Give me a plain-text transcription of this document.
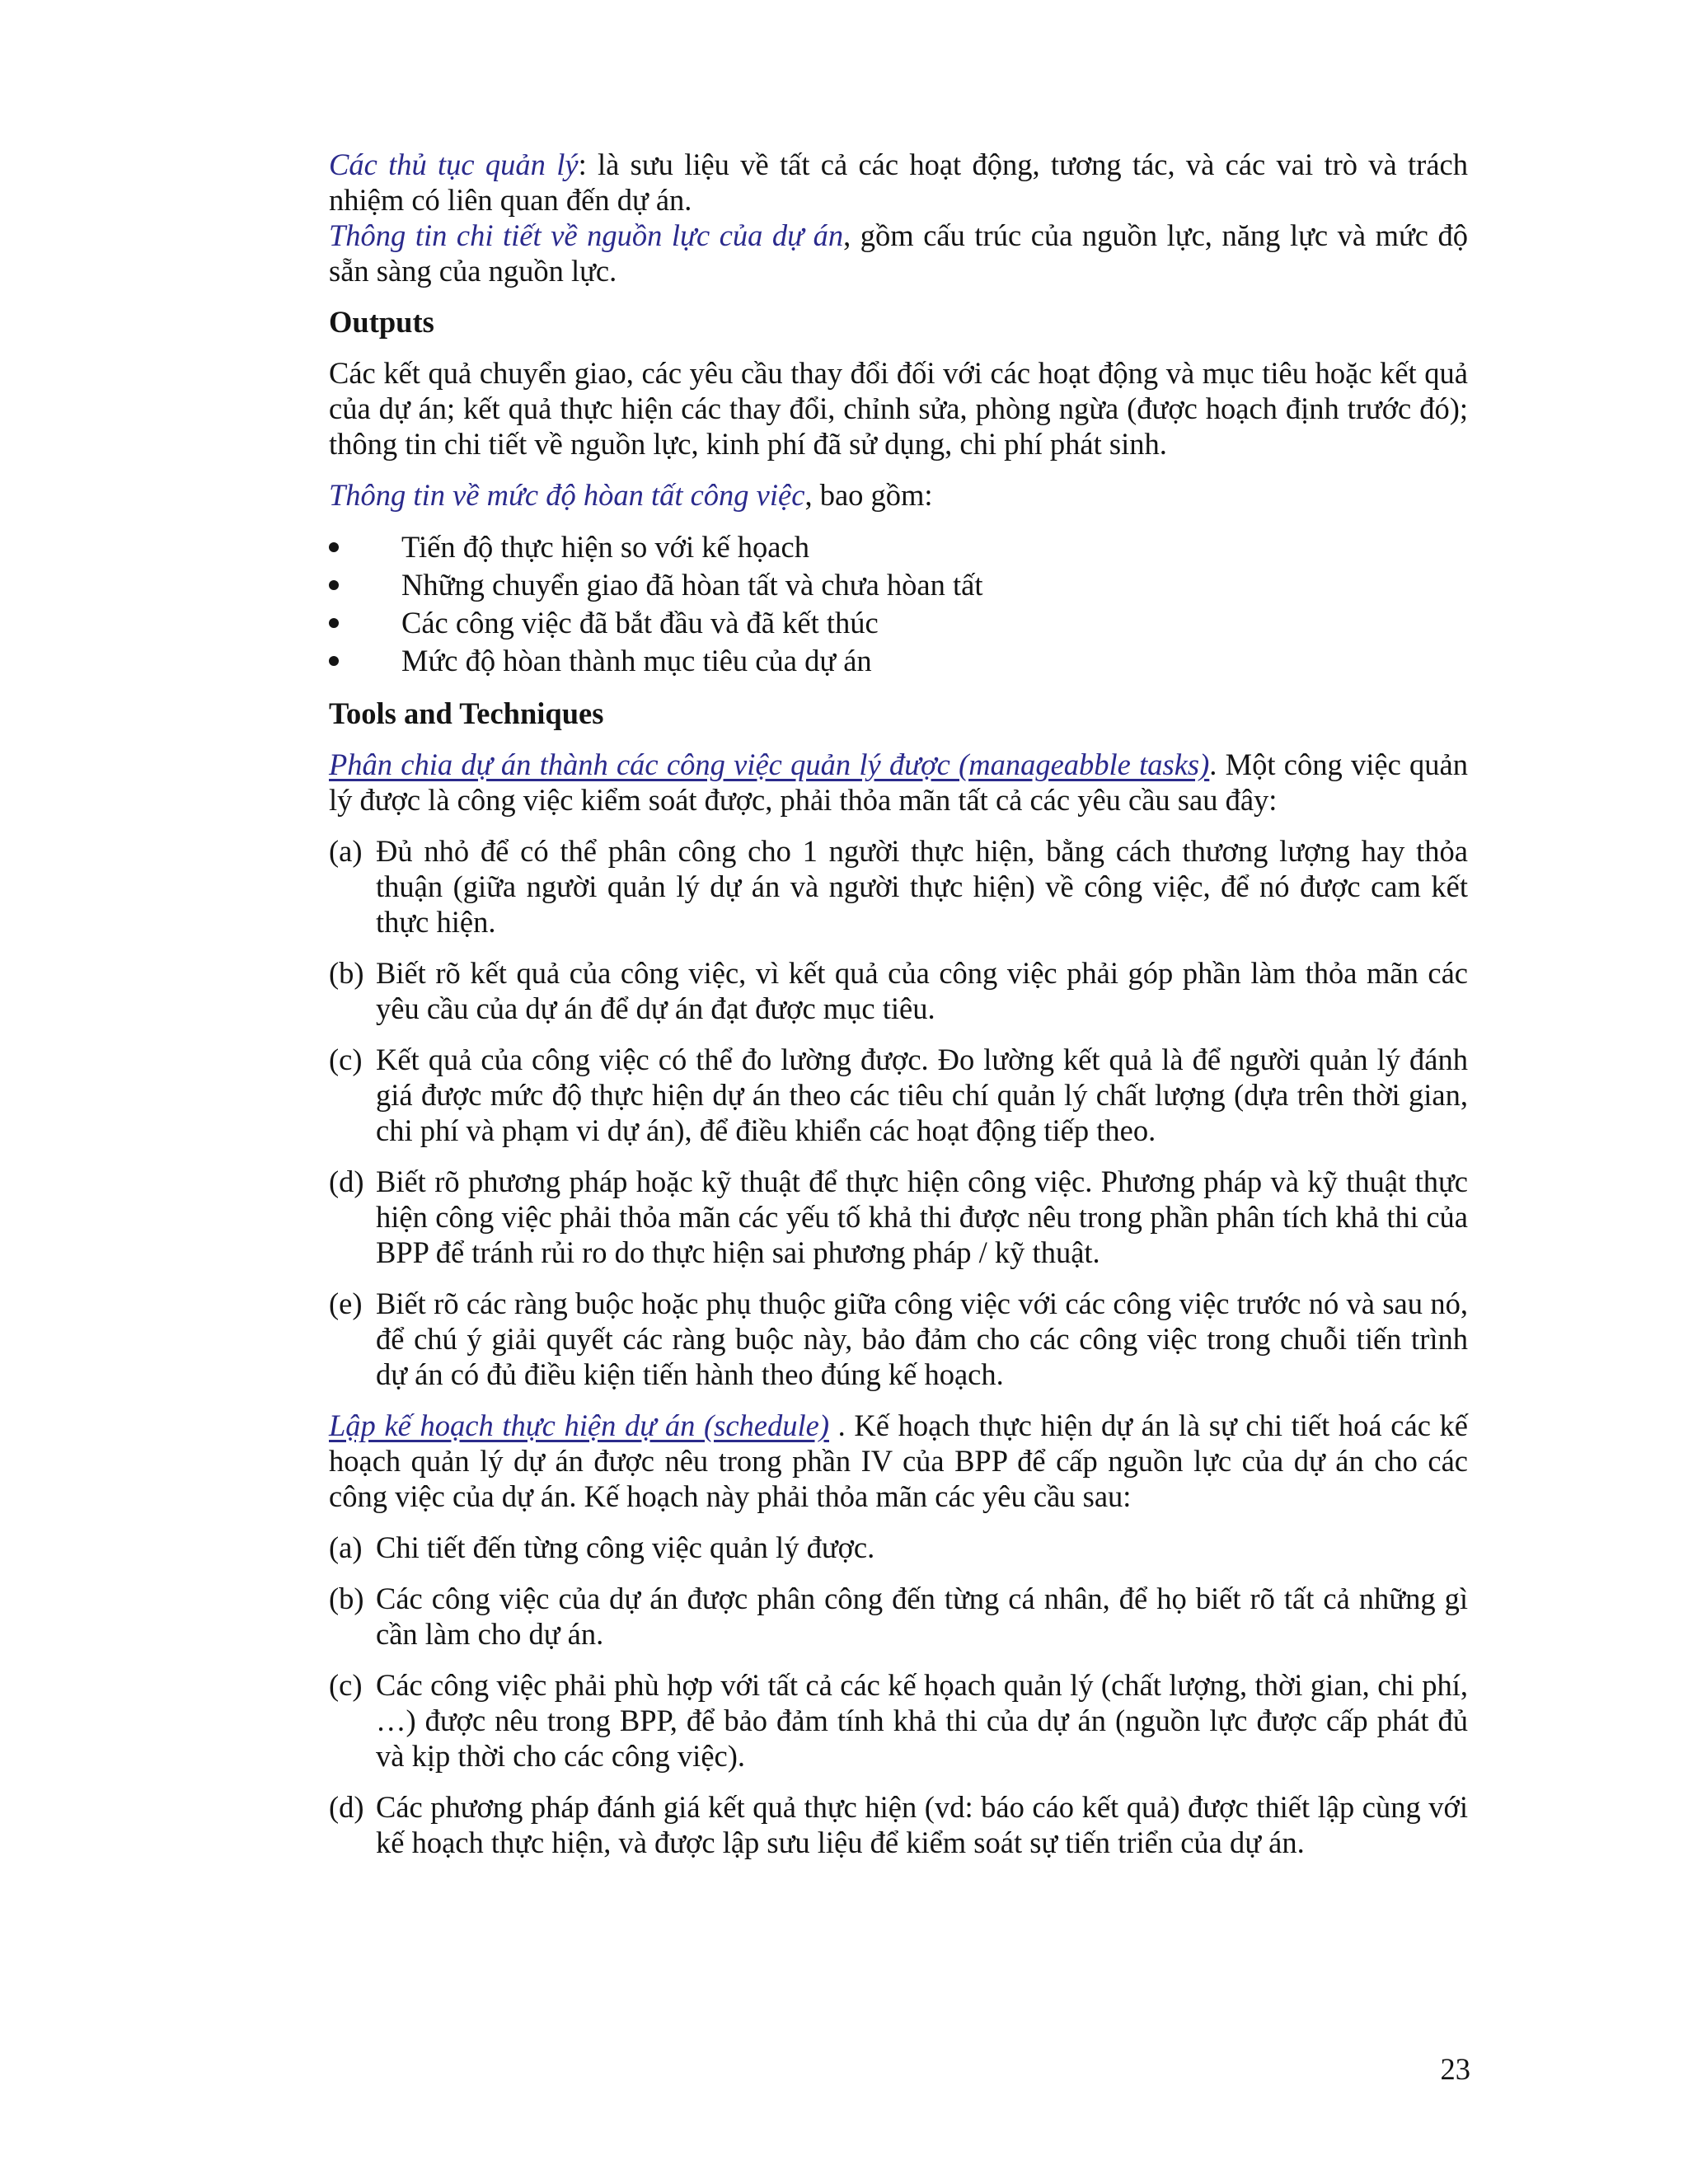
Các thủ tục quản lý: là sưu liệu về tất cả các hoạt động, tương tác, và các vai trò và trách nhiệm có liên quan đến dự án.

Thông tin chi tiết về nguồn lực của dự án, gồm cấu trúc của nguồn lực, năng lực và mức độ sẵn sàng của nguồn lực.

Outputs

Các kết quả chuyển giao, các yêu cầu thay đổi đối với các hoạt động và mục tiêu hoặc kết quả của dự án; kết quả thực hiện các thay đổi, chỉnh sửa, phòng ngừa (được hoạch định trước đó); thông tin chi tiết về nguồn lực, kinh phí đã sử dụng, chi phí phát sinh.

Thông tin về mức độ hòan tất công việc, bao gồm:

Tiến độ thực hiện so với kế họach
Những chuyển giao đã hòan tất và chưa hòan tất
Các công việc đã bắt đầu và đã kết thúc
Mức độ hòan thành mục tiêu của dự án

Tools and Techniques

Phân chia dự án thành các công việc quản lý được (manageabble tasks). Một công việc quản lý được là công việc kiểm soát được, phải thỏa mãn tất cả các yêu cầu sau đây:

(a) Đủ nhỏ để có thể phân công cho 1 người thực hiện, bằng cách thương lượng hay thỏa thuận (giữa người quản lý dự án và người thực hiện) về công việc, để nó được cam kết thực hiện.
(b) Biết rõ kết quả của công việc, vì kết quả của công việc phải góp phần làm thỏa mãn các yêu cầu của dự án để dự án đạt được mục tiêu.
(c) Kết quả của công việc có thể đo lường được. Đo lường kết quả là để người quản lý đánh giá được mức độ thực hiện dự án theo các tiêu chí quản lý chất lượng (dựa trên thời gian, chi phí và phạm vi dự án), để điều khiển các hoạt động tiếp theo.
(d) Biết rõ phương pháp hoặc kỹ thuật để thực hiện công việc. Phương pháp và kỹ thuật thực hiện công việc phải thỏa mãn các yếu tố khả thi được nêu trong phần phân tích khả thi của BPP để tránh rủi ro do thực hiện sai phương pháp / kỹ thuật.
(e) Biết rõ các ràng buộc hoặc phụ thuộc giữa công việc với các công việc trước nó và sau nó, để chú ý giải quyết các ràng buộc này, bảo đảm cho các công việc trong chuỗi tiến trình dự án có đủ điều kiện tiến hành theo đúng kế hoạch.

Lập kế hoạch thực hiện dự án (schedule) . Kế hoạch thực hiện dự án là sự chi tiết hoá các kế hoạch quản lý dự án được nêu trong phần IV của BPP để cấp nguồn lực của dự án cho các công việc của dự án. Kế hoạch này phải thỏa mãn các yêu cầu sau:

(a) Chi tiết đến từng công việc quản lý được.
(b) Các công việc của dự án được phân công đến từng cá nhân, để họ biết rõ tất cả những gì cần làm cho dự án.
(c) Các công việc phải phù hợp với tất cả các kế họach quản lý (chất lượng, thời gian, chi phí, …) được nêu trong BPP, để bảo đảm tính khả thi của dự án (nguồn lực được cấp phát đủ và kịp thời cho các công việc).
(d) Các phương pháp đánh giá kết quả thực hiện (vd: báo cáo kết quả) được thiết lập cùng với kế hoạch thực hiện, và được lập sưu liệu để kiểm soát sự tiến triển của dự án.
23
